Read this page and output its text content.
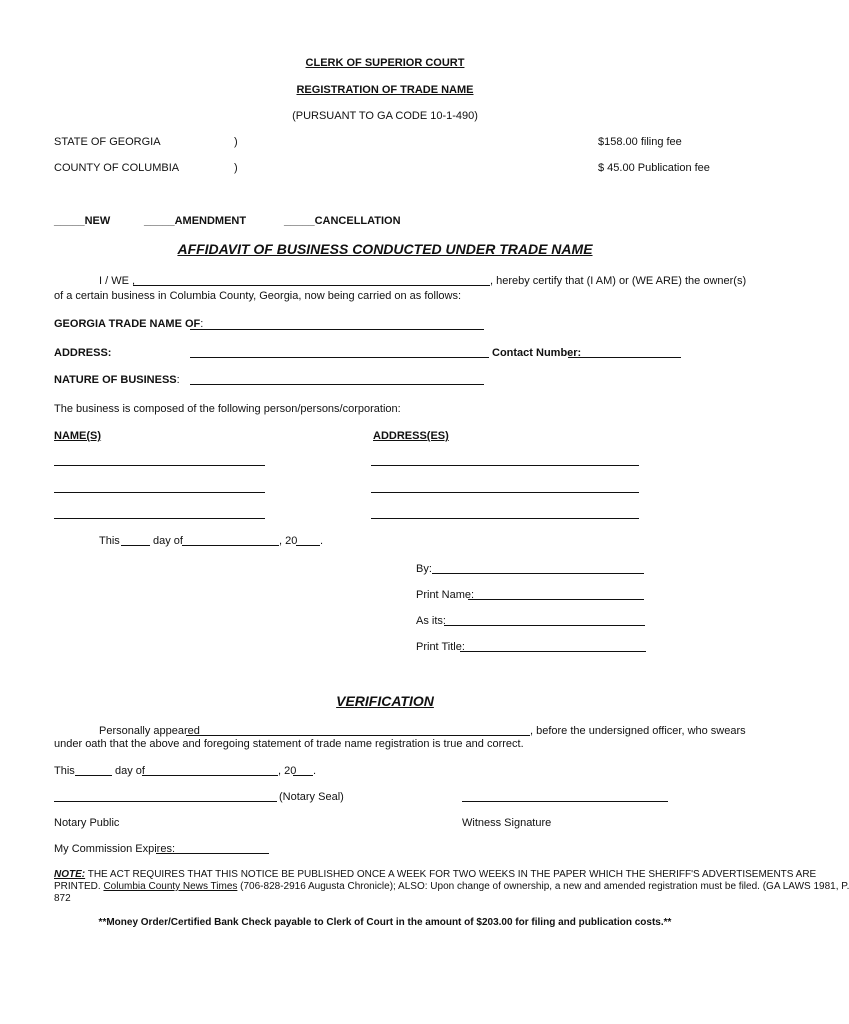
CLERK OF SUPERIOR COURT
REGISTRATION OF TRADE NAME
(PURSUANT TO GA CODE 10-1-490)
STATE OF GEORGIA	)	$158.00 filing fee
COUNTY OF COLUMBIA	)	$ 45.00 Publication fee
_____NEW	_____AMENDMENT	_____CANCELLATION
AFFIDAVIT OF BUSINESS CONDUCTED UNDER TRADE NAME
I / WE ,	, hereby certify that (I AM) or (WE ARE) the owner(s)
of a certain business in Columbia County, Georgia, now being carried on as follows:
GEORGIA TRADE NAME OF:
ADDRESS:	Contact Number:
NATURE OF BUSINESS:
The business is composed of the following person/persons/corporation:
NAME(S)	ADDRESS(ES)
This	day of	, 20 .
By:
Print Name:
As its:
Print Title:
VERIFICATION
Personally appeared	, before the undersigned officer, who swears
under oath that the above and foregoing statement of trade name registration is true and correct.
This	day of	, 20 .
(Notary Seal)
Notary Public	Witness Signature
My Commission Expires:
NOTE: THE ACT REQUIRES THAT THIS NOTICE BE PUBLISHED ONCE A WEEK FOR TWO WEEKS IN THE PAPER WHICH THE SHERIFF'S ADVERTISEMENTS ARE
PRINTED. Columbia County News Times (706-828-2916 Augusta Chronicle); ALSO: Upon change of ownership, a new and amended registration must be filed. (GA LAWS 1981, P.
872
**Money Order/Certified Bank Check payable to Clerk of Court in the amount of $203.00 for filing and publication costs.**
